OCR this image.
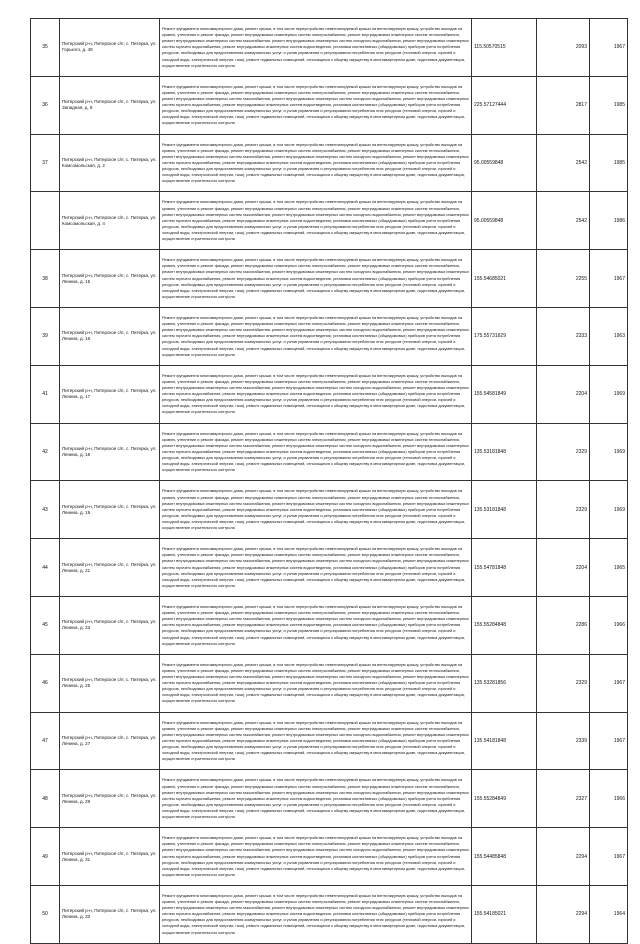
35	Питерский р-н, Питерское с/п, с. Питерка, ул. Горького, д. 49	Ремонт фундамента многоквартирного дома, ремонт крыши, в том числе переустройство невентилируемой крыши на вентилируемую крышу, устройство выходов на кровлю, утепление и ремонт фасада, ремонт внутридомовых инженерных систем электроснабжения, ремонт внутридомовых инженерных систем теплоснабжения, ремонт внутридомовых инженерных систем газоснабжения, ремонт внутридомовых инженерных систем холодного водоснабжения, ремонт внутридомовых инженерных систем горячего водоснабжения, ремонт внутридомовых инженерных систем водоотведения, установка коллективных (общедомовых) приборов учета потребления ресурсов, необходимых для предоставления коммунальных услуг, и узлов управления и регулирования потребления этих ресурсов (тепловой энергии, горячей и холодной воды, электрической энергии, газа), ремонт подвальных помещений, относящихся к общему имуществу в многоквартирном доме, подготовка документации, осуществление строительного контроля	115.50570515	2093	1967

36	Питерский р-н, Питерское с/п, с. Питерка, ул. Западная, д. 9	Ремонт фундамента многоквартирного дома, ремонт крыши, в том числе переустройство невентилируемой крыши на вентилируемую крышу, устройство выходов на кровлю, утепление и ремонт фасада, ремонт внутридомовых инженерных систем электроснабжения, ремонт внутридомовых инженерных систем теплоснабжения, ремонт внутридомовых инженерных систем газоснабжения, ремонт внутридомовых инженерных систем холодного водоснабжения, ремонт внутридомовых инженерных систем горячего водоснабжения, ремонт внутридомовых инженерных систем водоотведения, установка коллективных (общедомовых) приборов учета потребления ресурсов, необходимых для предоставления коммунальных услуг, и узлов управления и регулирования потребления этих ресурсов (тепловой энергии, горячей и холодной воды, электрической энергии, газа), ремонт подвальных помещений, относящихся к общему имуществу в многоквартирном доме, подготовка документации, осуществление строительного контроля	225.57127444	2817	1985

37	Питерский р-н, Питерское с/п, с. Питерка, ул. Комсомольская, д. 2	Ремонт фундамента многоквартирного дома, ремонт крыши, в том числе переустройство невентилируемой крыши на вентилируемую крышу, устройство выходов на кровлю, утепление и ремонт фасада, ремонт внутридомовых инженерных систем электроснабжения, ремонт внутридомовых инженерных систем теплоснабжения, ремонт внутридомовых инженерных систем газоснабжения, ремонт внутридомовых инженерных систем холодного водоснабжения, ремонт внутридомовых инженерных систем горячего водоснабжения, ремонт внутридомовых инженерных систем водоотведения, установка коллективных (общедомовых) приборов учета потребления ресурсов, необходимых для предоставления коммунальных услуг, и узлов управления и регулирования потребления этих ресурсов (тепловой энергии, горячей и холодной воды, электрической энергии, газа), ремонт подвальных помещений, относящихся к общему имуществу в многоквартирном доме, подготовка документации, осуществление строительного контроля	95.00559848	2542	1985

	Питерский р-н, Питерское с/п, с. Питерка, ул. Комсомольская, д. 4	Ремонт фундамента многоквартирного дома, ремонт крыши, в том числе переустройство невентилируемой крыши на вентилируемую крышу, устройство выходов на кровлю, утепление и ремонт фасада, ремонт внутридомовых инженерных систем электроснабжения, ремонт внутридомовых инженерных систем теплоснабжения, ремонт внутридомовых инженерных систем газоснабжения, ремонт внутридомовых инженерных систем холодного водоснабжения, ремонт внутридомовых инженерных систем горячего водоснабжения, ремонт внутридомовых инженерных систем водоотведения, установка коллективных (общедомовых) приборов учета потребления ресурсов, необходимых для предоставления коммунальных услуг, и узлов управления и регулирования потребления этих ресурсов (тепловой энергии, горячей и холодной воды, электрической энергии, газа), ремонт подвальных помещений, относящихся к общему имуществу в многоквартирном доме, подготовка документации, осуществление строительного контроля	95.00559848	2542	1986

38	Питерский р-н, Питерское с/п, с. Питерка, ул. Ленина, д. 15	Ремонт фундамента многоквартирного дома, ремонт крыши, в том числе переустройство невентилируемой крыши на вентилируемую крышу, устройство выходов на кровлю, утепление и ремонт фасада, ремонт внутридомовых инженерных систем электроснабжения, ремонт внутридомовых инженерных систем теплоснабжения, ремонт внутридомовых инженерных систем газоснабжения, ремонт внутридомовых инженерных систем холодного водоснабжения, ремонт внутридомовых инженерных систем горячего водоснабжения, ремонт внутридомовых инженерных систем водоотведения, установка коллективных (общедомовых) приборов учета потребления ресурсов, необходимых для предоставления коммунальных услуг, и узлов управления и регулирования потребления этих ресурсов (тепловой энергии, горячей и холодной воды, электрической энергии, газа), ремонт подвальных помещений, относящихся к общему имуществу в многоквартирном доме, подготовка документации, осуществление строительного контроля	155.54685021	2255	1967

39	Питерский р-н, Питерское с/п, с. Питерка, ул. Ленина, д. 16	Ремонт фундамента многоквартирного дома, ремонт крыши, в том числе переустройство невентилируемой крыши на вентилируемую крышу, устройство выходов на кровлю, утепление и ремонт фасада, ремонт внутридомовых инженерных систем электроснабжения, ремонт внутридомовых инженерных систем теплоснабжения, ремонт внутридомовых инженерных систем газоснабжения, ремонт внутридомовых инженерных систем холодного водоснабжения, ремонт внутридомовых инженерных систем горячего водоснабжения, ремонт внутридомовых инженерных систем водоотведения, установка коллективных (общедомовых) приборов учета потребления ресурсов, необходимых для предоставления коммунальных услуг, и узлов управления и регулирования потребления этих ресурсов (тепловой энергии, горячей и холодной воды, электрической энергии, газа), ремонт подвальных помещений, относящихся к общему имуществу в многоквартирном доме, подготовка документации, осуществление строительного контроля	175.55731629	2333	1963

41	Питерский р-н, Питерское с/п, с. Питерка, ул. Ленина, д. 17	Ремонт фундамента многоквартирного дома, ремонт крыши, в том числе переустройство невентилируемой крыши на вентилируемую крышу, устройство выходов на кровлю, утепление и ремонт фасада, ремонт внутридомовых инженерных систем электроснабжения, ремонт внутридомовых инженерных систем теплоснабжения, ремонт внутридомовых инженерных систем газоснабжения, ремонт внутридомовых инженерных систем холодного водоснабжения, ремонт внутридомовых инженерных систем горячего водоснабжения, ремонт внутридомовых инженерных систем водоотведения, установка коллективных (общедомовых) приборов учета потребления ресурсов, необходимых для предоставления коммунальных услуг, и узлов управления и регулирования потребления этих ресурсов (тепловой энергии, горячей и холодной воды, электрической энергии, газа), ремонт подвальных помещений, относящихся к общему имуществу в многоквартирном доме, подготовка документации, осуществление строительного контроля	155.54581849	2204	1969

42	Питерский р-н, Питерское с/п, с. Питерка, ул. Ленина, д. 18	Ремонт фундамента многоквартирного дома, ремонт крыши, в том числе переустройство невентилируемой крыши на вентилируемую крышу, устройство выходов на кровлю, утепление и ремонт фасада, ремонт внутридомовых инженерных систем электроснабжения, ремонт внутридомовых инженерных систем теплоснабжения, ремонт внутридомовых инженерных систем газоснабжения, ремонт внутридомовых инженерных систем холодного водоснабжения, ремонт внутридомовых инженерных систем горячего водоснабжения, ремонт внутридомовых инженерных систем водоотведения, установка коллективных (общедомовых) приборов учета потребления ресурсов, необходимых для предоставления коммунальных услуг, и узлов управления и регулирования потребления этих ресурсов (тепловой энергии, горячей и холодной воды, электрической энергии, газа), ремонт подвальных помещений, относящихся к общему имуществу в многоквартирном доме, подготовка документации, осуществление строительного контроля	135.53181848	2329	1969

43	Питерский р-н, Питерское с/п, с. Питерка, ул. Ленина, д. 19	Ремонт фундамента многоквартирного дома, ремонт крыши, в том числе переустройство невентилируемой крыши на вентилируемую крышу, устройство выходов на кровлю, утепление и ремонт фасада, ремонт внутридомовых инженерных систем электроснабжения, ремонт внутридомовых инженерных систем теплоснабжения, ремонт внутридомовых инженерных систем газоснабжения, ремонт внутридомовых инженерных систем холодного водоснабжения, ремонт внутридомовых инженерных систем горячего водоснабжения, ремонт внутридомовых инженерных систем водоотведения, установка коллективных (общедомовых) приборов учета потребления ресурсов, необходимых для предоставления коммунальных услуг, и узлов управления и регулирования потребления этих ресурсов (тепловой энергии, горячей и холодной воды, электрической энергии, газа), ремонт подвальных помещений, относящихся к общему имуществу в многоквартирном доме, подготовка документации, осуществление строительного контроля	135.53181848	2329	1969

44	Питерский р-н, Питерское с/п, с. Питерка, ул. Ленина, д. 21	Ремонт фундамента многоквартирного дома, ремонт крыши, в том числе переустройство невентилируемой крыши на вентилируемую крышу, устройство выходов на кровлю, утепление и ремонт фасада, ремонт внутридомовых инженерных систем электроснабжения, ремонт внутридомовых инженерных систем теплоснабжения, ремонт внутридомовых инженерных систем газоснабжения, ремонт внутридомовых инженерных систем холодного водоснабжения, ремонт внутридомовых инженерных систем горячего водоснабжения, ремонт внутридомовых инженерных систем водоотведения, установка коллективных (общедомовых) приборов учета потребления ресурсов, необходимых для предоставления коммунальных услуг, и узлов управления и регулирования потребления этих ресурсов (тепловой энергии, горячей и холодной воды, электрической энергии, газа), ремонт подвальных помещений, относящихся к общему имуществу в многоквартирном доме, подготовка документации, осуществление строительного контроля	155.54781848	2204	1965

45	Питерский р-н, Питерское с/п, с. Питерка, ул. Ленина, д. 23	Ремонт фундамента многоквартирного дома, ремонт крыши, в том числе переустройство невентилируемой крыши на вентилируемую крышу, устройство выходов на кровлю, утепление и ремонт фасада, ремонт внутридомовых инженерных систем электроснабжения, ремонт внутридомовых инженерных систем теплоснабжения, ремонт внутридомовых инженерных систем газоснабжения, ремонт внутридомовых инженерных систем холодного водоснабжения, ремонт внутридомовых инженерных систем горячего водоснабжения, ремонт внутридомовых инженерных систем водоотведения, установка коллективных (общедомовых) приборов учета потребления ресурсов, необходимых для предоставления коммунальных услуг, и узлов управления и регулирования потребления этих ресурсов (тепловой энергии, горячей и холодной воды, электрической энергии, газа), ремонт подвальных помещений, относящихся к общему имуществу в многоквартирном доме, подготовка документации, осуществление строительного контроля	155.55284848	2286	1966

46	Питерский р-н, Питерское с/п, с. Питерка, ул. Ленина, д. 25	Ремонт фундамента многоквартирного дома, ремонт крыши, в том числе переустройство невентилируемой крыши на вентилируемую крышу, устройство выходов на кровлю, утепление и ремонт фасада, ремонт внутридомовых инженерных систем электроснабжения, ремонт внутридомовых инженерных систем теплоснабжения, ремонт внутридомовых инженерных систем газоснабжения, ремонт внутридомовых инженерных систем холодного водоснабжения, ремонт внутридомовых инженерных систем горячего водоснабжения, ремонт внутридомовых инженерных систем водоотведения, установка коллективных (общедомовых) приборов учета потребления ресурсов, необходимых для предоставления коммунальных услуг, и узлов управления и регулирования потребления этих ресурсов (тепловой энергии, горячей и холодной воды, электрической энергии, газа), ремонт подвальных помещений, относящихся к общему имуществу в многоквартирном доме, подготовка документации, осуществление строительного контроля	135.53281856	2329	1967

47	Питерский р-н, Питерское с/п, с. Питерка, ул. Ленина, д. 27	Ремонт фундамента многоквартирного дома, ремонт крыши, в том числе переустройство невентилируемой крыши на вентилируемую крышу, устройство выходов на кровлю, утепление и ремонт фасада, ремонт внутридомовых инженерных систем электроснабжения, ремонт внутридомовых инженерных систем теплоснабжения, ремонт внутридомовых инженерных систем газоснабжения, ремонт внутридомовых инженерных систем холодного водоснабжения, ремонт внутридомовых инженерных систем горячего водоснабжения, ремонт внутридомовых инженерных систем водоотведения, установка коллективных (общедомовых) приборов учета потребления ресурсов, необходимых для предоставления коммунальных услуг, и узлов управления и регулирования потребления этих ресурсов (тепловой энергии, горячей и холодной воды, электрической энергии, газа), ремонт подвальных помещений, относящихся к общему имуществу в многоквартирном доме, подготовка документации, осуществление строительного контроля	135.54181848	2339	1967

48	Питерский р-н, Питерское с/п, с. Питерка, ул. Ленина, д. 29	Ремонт фундамента многоквартирного дома, ремонт крыши, в том числе переустройство невентилируемой крыши на вентилируемую крышу, устройство выходов на кровлю, утепление и ремонт фасада, ремонт внутридомовых инженерных систем электроснабжения, ремонт внутридомовых инженерных систем теплоснабжения, ремонт внутридомовых инженерных систем газоснабжения, ремонт внутридомовых инженерных систем холодного водоснабжения, ремонт внутридомовых инженерных систем горячего водоснабжения, ремонт внутридомовых инженерных систем водоотведения, установка коллективных (общедомовых) приборов учета потребления ресурсов, необходимых для предоставления коммунальных услуг, и узлов управления и регулирования потребления этих ресурсов (тепловой энергии, горячей и холодной воды, электрической энергии, газа), ремонт подвальных помещений, относящихся к общему имуществу в многоквартирном доме, подготовка документации, осуществление строительного контроля	155.55284849	2327	1966

49	Питерский р-н, Питерское с/п, с. Питерка, ул. Ленина, д. 31	Ремонт фундамента многоквартирного дома, ремонт крыши, в том числе переустройство невентилируемой крыши на вентилируемую крышу, устройство выходов на кровлю, утепление и ремонт фасада, ремонт внутридомовых инженерных систем электроснабжения, ремонт внутридомовых инженерных систем теплоснабжения, ремонт внутридомовых инженерных систем газоснабжения, ремонт внутридомовых инженерных систем холодного водоснабжения, ремонт внутридомовых инженерных систем горячего водоснабжения, ремонт внутридомовых инженерных систем водоотведения, установка коллективных (общедомовых) приборов учета потребления ресурсов, необходимых для предоставления коммунальных услуг, и узлов управления и регулирования потребления этих ресурсов (тепловой энергии, горячей и холодной воды, электрической энергии, газа), ремонт подвальных помещений, относящихся к общему имуществу в многоквартирном доме, подготовка документации, осуществление строительного контроля	155.54485848	2294	1967

50	Питерский р-н, Питерское с/п, с. Питерка, ул. Ленина, д. 33	Ремонт фундамента многоквартирного дома, ремонт крыши, в том числе переустройство невентилируемой крыши на вентилируемую крышу, устройство выходов на кровлю, утепление и ремонт фасада, ремонт внутридомовых инженерных систем электроснабжения, ремонт внутридомовых инженерных систем теплоснабжения, ремонт внутридомовых инженерных систем газоснабжения, ремонт внутридомовых инженерных систем холодного водоснабжения, ремонт внутридомовых инженерных систем горячего водоснабжения, ремонт внутридомовых инженерных систем водоотведения, установка коллективных (общедомовых) приборов учета потребления ресурсов, необходимых для предоставления коммунальных услуг, и узлов управления и регулирования потребления этих ресурсов (тепловой энергии, горячей и холодной воды, электрической энергии, газа), ремонт подвальных помещений, относящихся к общему имуществу в многоквартирном доме, подготовка документации, осуществление строительного контроля	155.54185021	2294	1964
